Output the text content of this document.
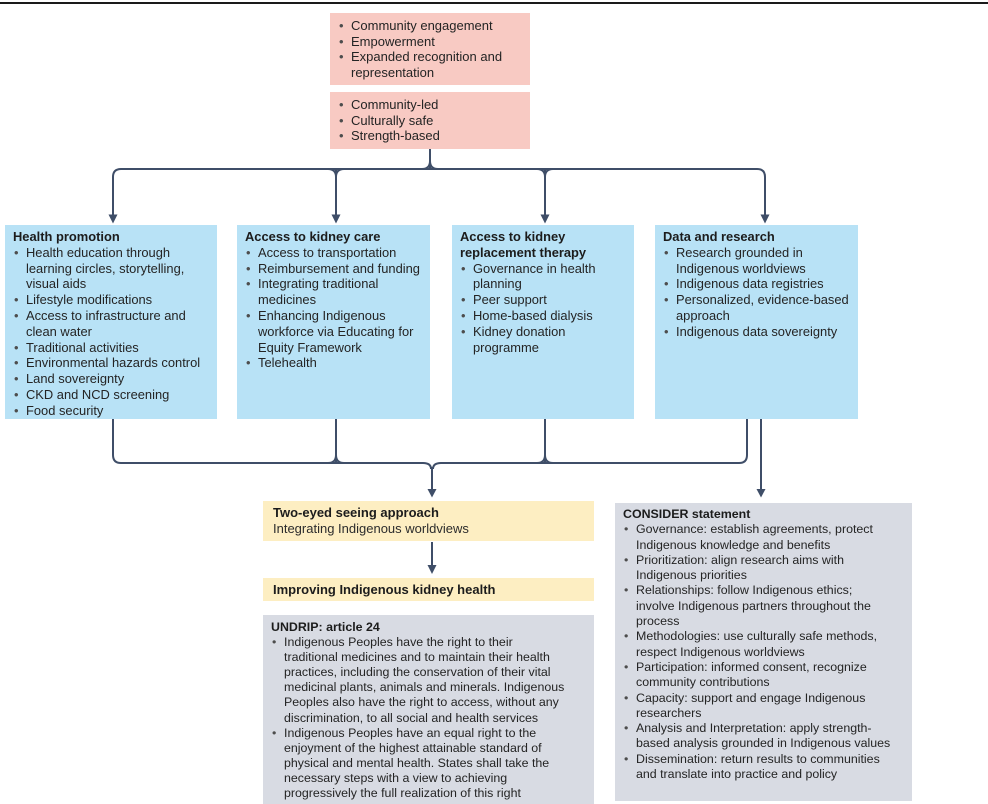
• Community engagement
• Empowerment
• Expanded recognition and representation
• Community-led
• Culturally safe
• Strength-based
Health promotion
• Health education through learning circles, storytelling, visual aids
• Lifestyle modifications
• Access to infrastructure and clean water
• Traditional activities
• Environmental hazards control
• Land sovereignty
• CKD and NCD screening
• Food security
Access to kidney care
• Access to transportation
• Reimbursement and funding
• Integrating traditional medicines
• Enhancing Indigenous workforce via Educating for Equity Framework
• Telehealth
Access to kidney replacement therapy
• Governance in health planning
• Peer support
• Home-based dialysis
• Kidney donation programme
Data and research
• Research grounded in Indigenous worldviews
• Indigenous data registries
• Personalized, evidence-based approach
• Indigenous data sovereignty
Two-eyed seeing approach
Integrating Indigenous worldviews
Improving Indigenous kidney health
UNDRIP: article 24
• Indigenous Peoples have the right to their traditional medicines and to maintain their health practices, including the conservation of their vital medicinal plants, animals and minerals. Indigenous Peoples also have the right to access, without any discrimination, to all social and health services
• Indigenous Peoples have an equal right to the enjoyment of the highest attainable standard of physical and mental health. States shall take the necessary steps with a view to achieving progressively the full realization of this right
CONSIDER statement
• Governance: establish agreements, protect Indigenous knowledge and benefits
• Prioritization: align research aims with Indigenous priorities
• Relationships: follow Indigenous ethics; involve Indigenous partners throughout the process
• Methodologies: use culturally safe methods, respect Indigenous worldviews
• Participation: informed consent, recognize community contributions
• Capacity: support and engage Indigenous researchers
• Analysis and Interpretation: apply strength-based analysis grounded in Indigenous values
• Dissemination: return results to communities and translate into practice and policy
